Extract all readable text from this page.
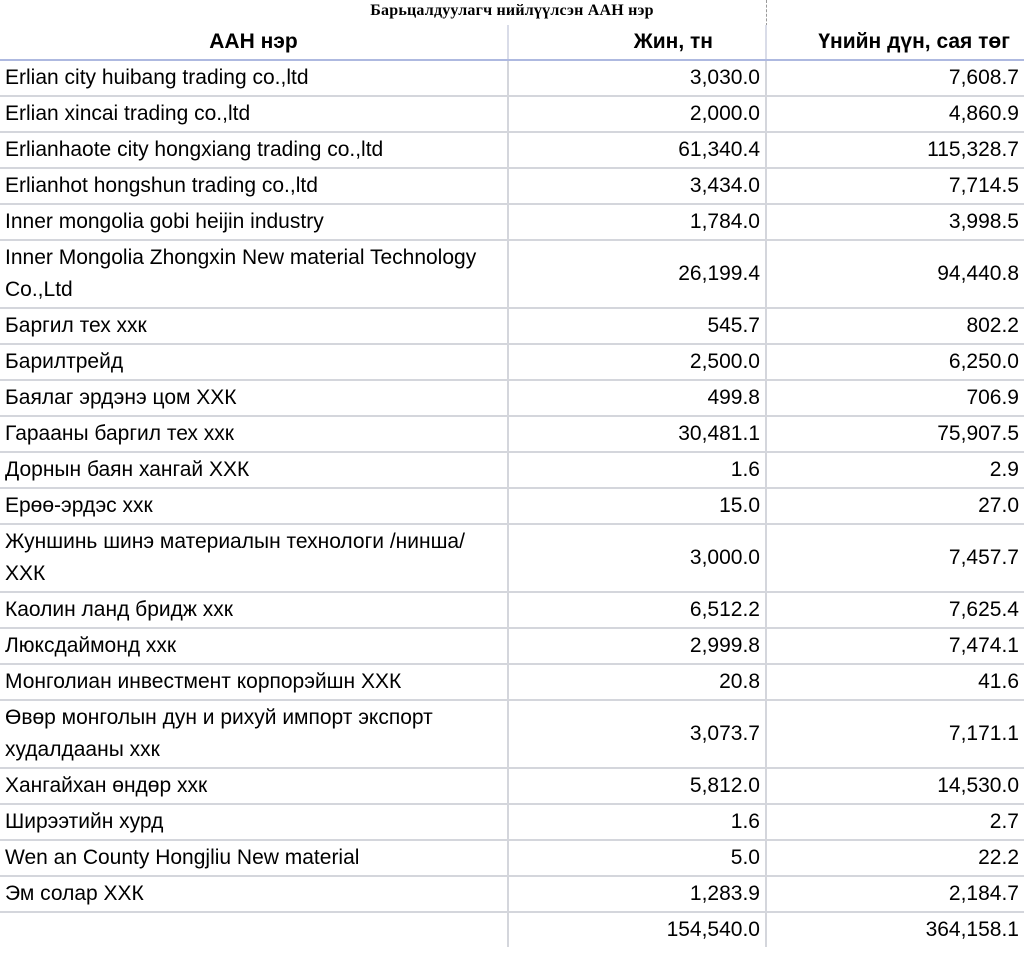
Барьцалдуулагч нийлүүлсэн ААН нэр
ААН нэр	Жин, тн	Үнийн дүн, сая төг
Erlian city huibang trading co.,ltd	3,030.0	7,608.7
Erlian xincai trading co.,ltd	2,000.0	4,860.9
Erlianhaote city hongxiang trading co.,ltd	61,340.4	115,328.7
Erlianhot hongshun trading co.,ltd	3,434.0	7,714.5
Inner mongolia gobi heijin industry	1,784.0	3,998.5
Inner Mongolia Zhongxin New material Technology Co.,Ltd	26,199.4	94,440.8
Баргил тех ххк	545.7	802.2
Барилтрейд	2,500.0	6,250.0
Баялаг эрдэнэ цом ХХК	499.8	706.9
Гарааны баргил тех ххк	30,481.1	75,907.5
Дорнын баян хангай ХХК	1.6	2.9
Ерөө-эрдэс ххк	15.0	27.0
Жуншинь шинэ материалын технологи /нинша/ ХХК	3,000.0	7,457.7
Каолин ланд бридж ххк	6,512.2	7,625.4
Люксдаймонд ххк	2,999.8	7,474.1
Монголиан инвестмент корпорэйшн ХХК	20.8	41.6
Өвөр монголын дун и рихуй импорт экспорт худалдааны ххк	3,073.7	7,171.1
Хангайхан өндөр ххк	5,812.0	14,530.0
Ширээтийн хурд	1.6	2.7
Wen an County Hongjliu New material	5.0	22.2
Эм солар ХХК	1,283.9	2,184.7
	154,540.0	364,158.1
